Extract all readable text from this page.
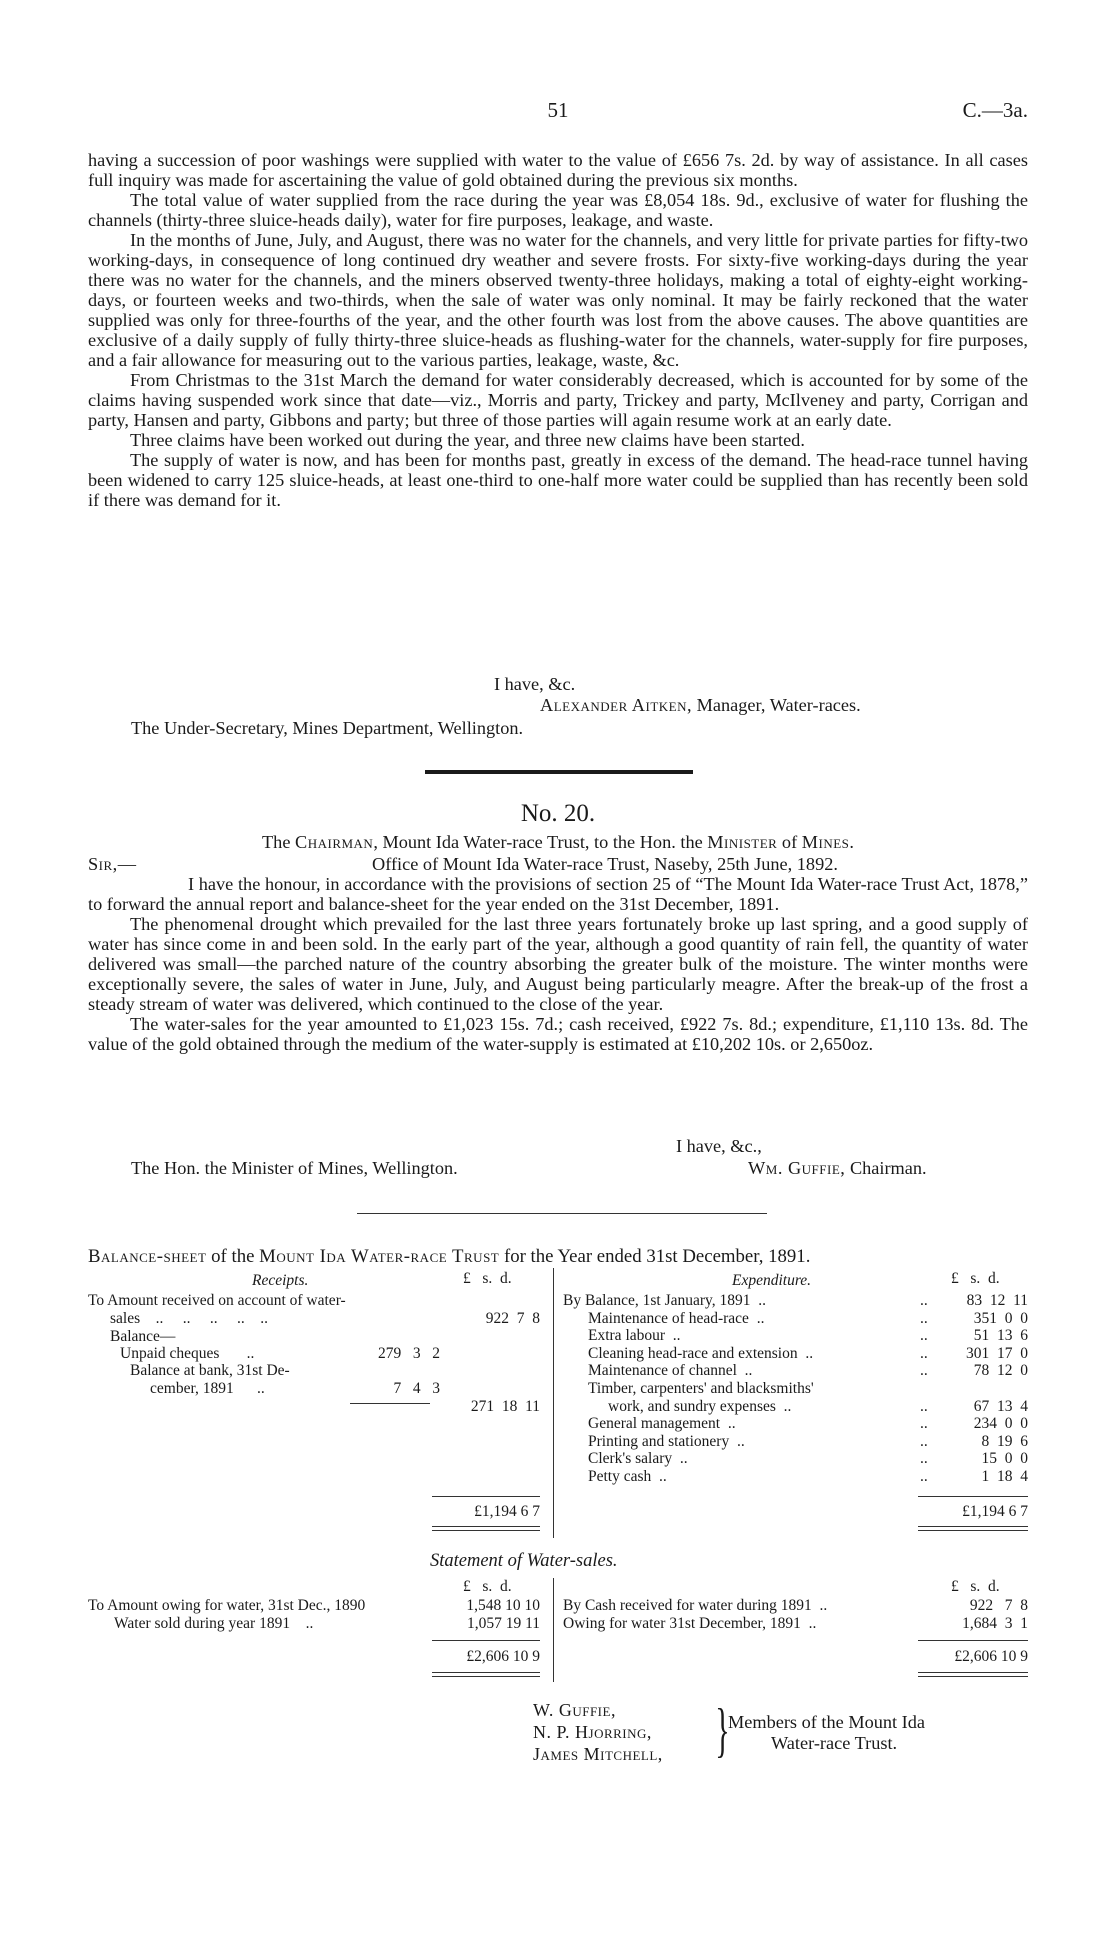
51	C.—3a.

having a succession of poor washings were supplied with water to the value of £656 7s. 2d. by way of assistance. In all cases full inquiry was made for ascertaining the value of gold obtained during the previous six months.

The total value of water supplied from the race during the year was £8,054 18s. 9d., exclusive of water for flushing the channels (thirty-three sluice-heads daily), water for fire purposes, leakage, and waste.

In the months of June, July, and August, there was no water for the channels, and very little for private parties for fifty-two working-days, in consequence of long continued dry weather and severe frosts. For sixty-five working-days during the year there was no water for the channels, and the miners observed twenty-three holidays, making a total of eighty-eight working-days, or fourteen weeks and two-thirds, when the sale of water was only nominal. It may be fairly reckoned that the water supplied was only for three-fourths of the year, and the other fourth was lost from the above causes. The above quantities are exclusive of a daily supply of fully thirty-three sluice-heads as flushing-water for the channels, water-supply for fire purposes, and a fair allowance for measuring out to the various parties, leakage, waste, &c.

From Christmas to the 31st March the demand for water considerably decreased, which is accounted for by some of the claims having suspended work since that date—viz., Morris and party, Trickey and party, McIlveney and party, Corrigan and party, Hansen and party, Gibbons and party; but three of those parties will again resume work at an early date.

Three claims have been worked out during the year, and three new claims have been started.

The supply of water is now, and has been for months past, greatly in excess of the demand. The head-race tunnel having been widened to carry 125 sluice-heads, at least one-third to one-half more water could be supplied than has recently been sold if there was demand for it.

I have, &c.
Alexander Aitken, Manager, Water-races.
The Under-Secretary, Mines Department, Wellington.
No. 20.
The Chairman, Mount Ida Water-race Trust, to the Hon. the Minister of Mines.
Sir,—	Office of Mount Ida Water-race Trust, Naseby, 25th June, 1892.

I have the honour, in accordance with the provisions of section 25 of “The Mount Ida Water-race Trust Act, 1878,” to forward the annual report and balance-sheet for the year ended on the 31st December, 1891.

The phenomenal drought which prevailed for the last three years fortunately broke up last spring, and a good supply of water has since come in and been sold. In the early part of the year, although a good quantity of rain fell, the quantity of water delivered was small—the parched nature of the country absorbing the greater bulk of the moisture. The winter months were exceptionally severe, the sales of water in June, July, and August being particularly meagre. After the break-up of the frost a steady stream of water was delivered, which continued to the close of the year.

The water-sales for the year amounted to £1,023 15s. 7d.; cash received, £922 7s. 8d.; expenditure, £1,110 13s. 8d. The value of the gold obtained through the medium of the water-supply is estimated at £10,202 10s. or 2,650oz.

I have, &c.,
The Hon. the Minister of Mines, Wellington.	Wm. Guffie, Chairman.
Balance-sheet of the Mount Ida Water-race Trust for the Year ended 31st December, 1891.
Receipts.	£ s. d.
To Amount received on account of water-
sales    ..     ..     ..     ..    ..	922 7 8
Balance—
Unpaid cheques       ..	279 3 2
Balance at bank, 31st De-
cember, 1891      ..	7 4 3
271 18 11
£1,194 6 7
Expenditure.	£ s. d.
By Balance, 1st January, 1891  ..	..	83 12 11
Maintenance of head-race  ..	..	351 0 0
Extra labour  ..	..	51 13 6
Cleaning head-race and extension  ..	..	301 17 0
Maintenance of channel  ..	..	78 12 0
Timber, carpenters' and blacksmiths'
work, and sundry expenses  ..	..	67 13 4
General management  ..	..	234 0 0
Printing and stationery  ..	..	8 19 6
Clerk's salary  ..	..	15 0 0
Petty cash  ..	..	1 18 4
£1,194 6 7
Statement of Water-sales.
£ s. d.	£ s. d.
To Amount owing for water, 31st Dec., 1890	1,548 10 10
Water sold during year 1891    ..	1,057 19 11
£2,606 10 9
By Cash received for water during 1891  ..	922 7 8
Owing for water 31st December, 1891  ..	1,684 3 1
£2,606 10 9
W. Guffie,
N. P. Hjorring,
James Mitchell, }
Members of the Mount Ida
Water-race Trust.
